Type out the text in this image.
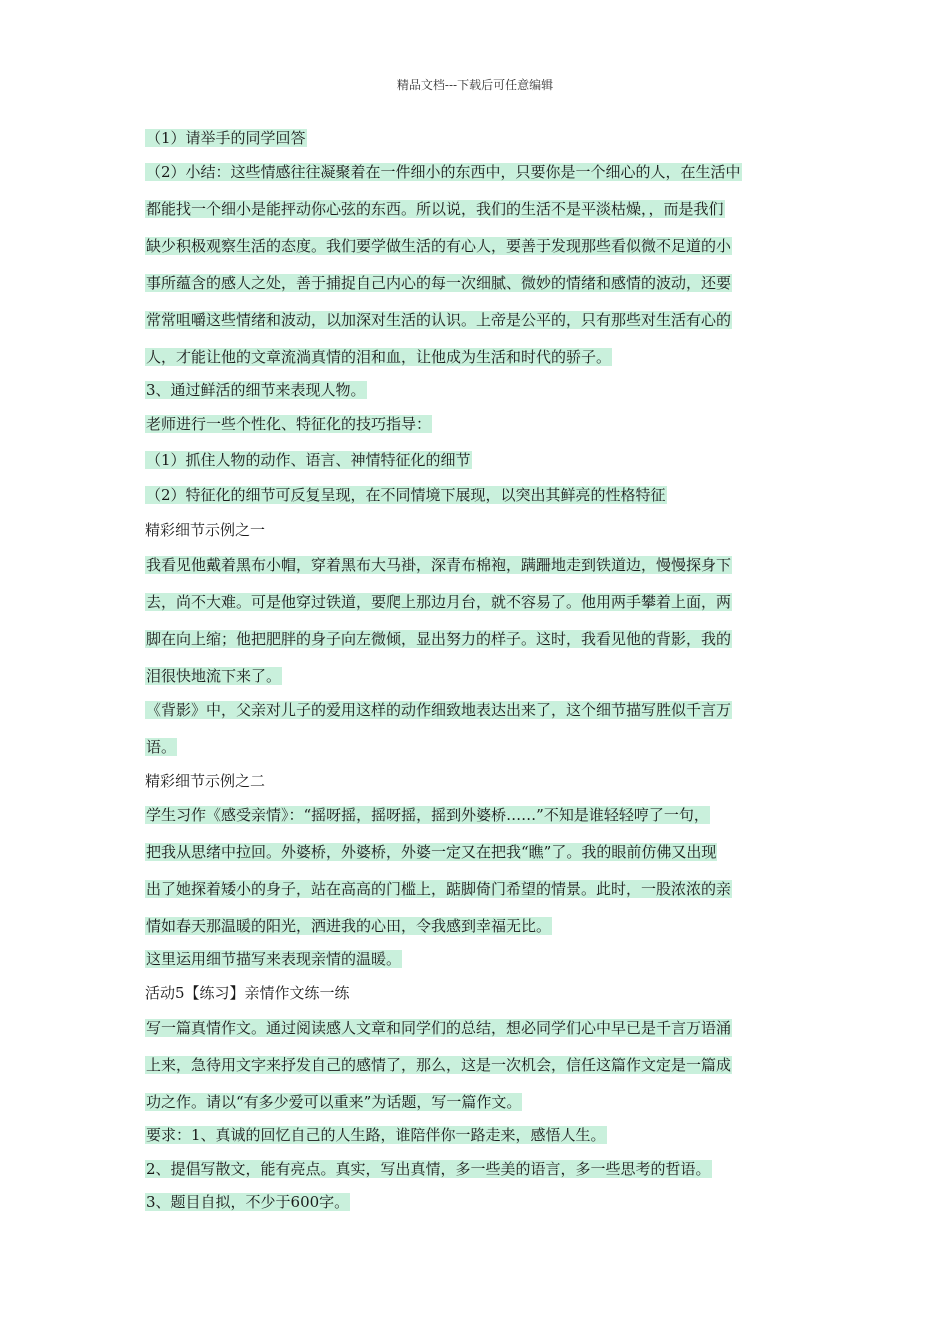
精品文档---下载后可任意编辑
（1）请举手的同学回答
（2）小结：这些情感往往凝聚着在一件细小的东西中，只要你是一个细心的人，在生活中
都能找一个细小是能抨动你心弦的东西。所以说，我们的生活不是平淡枯燥，，而是我们
缺少积极观察生活的态度。我们要学做生活的有心人，要善于发现那些看似微不足道的小
事所蕴含的感人之处，善于捕捉自己内心的每一次细腻、微妙的情绪和感情的波动，还要
常常咀嚼这些情绪和波动，以加深对生活的认识。上帝是公平的，只有那些对生活有心的
人，才能让他的文章流淌真情的泪和血，让他成为生活和时代的骄子。
3、通过鲜活的细节来表现人物。
老师进行一些个性化、特征化的技巧指导：
（1）抓住人物的动作、语言、神情特征化的细节
（2）特征化的细节可反复呈现，在不同情境下展现，以突出其鲜亮的性格特征
精彩细节示例之一
我看见他戴着黑布小帽，穿着黑布大马褂，深青布棉袍，蹒跚地走到铁道边，慢慢探身下
去，尚不大难。可是他穿过铁道，要爬上那边月台，就不容易了。他用两手攀着上面，两
脚在向上缩；他把肥胖的身子向左微倾，显出努力的样子。这时，我看见他的背影，我的
泪很快地流下来了。
《背影》中，父亲对儿子的爱用这样的动作细致地表达出来了，这个细节描写胜似千言万
语。
精彩细节示例之二
学生习作《感受亲情》：“摇呀摇，摇呀摇，摇到外婆桥……”不知是谁轻轻哼了一句，
把我从思绪中拉回。外婆桥，外婆桥，外婆一定又在把我“瞧”了。我的眼前仿佛又出现
出了她探着矮小的身子，站在高高的门槛上，踮脚倚门希望的情景。此时，一股浓浓的亲
情如春天那温暖的阳光，洒进我的心田，令我感到幸福无比。
这里运用细节描写来表现亲情的温暖。
活动5【练习】亲情作文练一练
写一篇真情作文。通过阅读感人文章和同学们的总结，想必同学们心中早已是千言万语涌
上来，急待用文字来抒发自己的感情了，那么，这是一次机会，信任这篇作文定是一篇成
功之作。请以“有多少爱可以重来”为话题，写一篇作文。
要求：1、真诚的回忆自己的人生路，谁陪伴你一路走来，感悟人生。
2、提倡写散文，能有亮点。真实，写出真情，多一些美的语言，多一些思考的哲语。
3、题目自拟，不少于600字。
